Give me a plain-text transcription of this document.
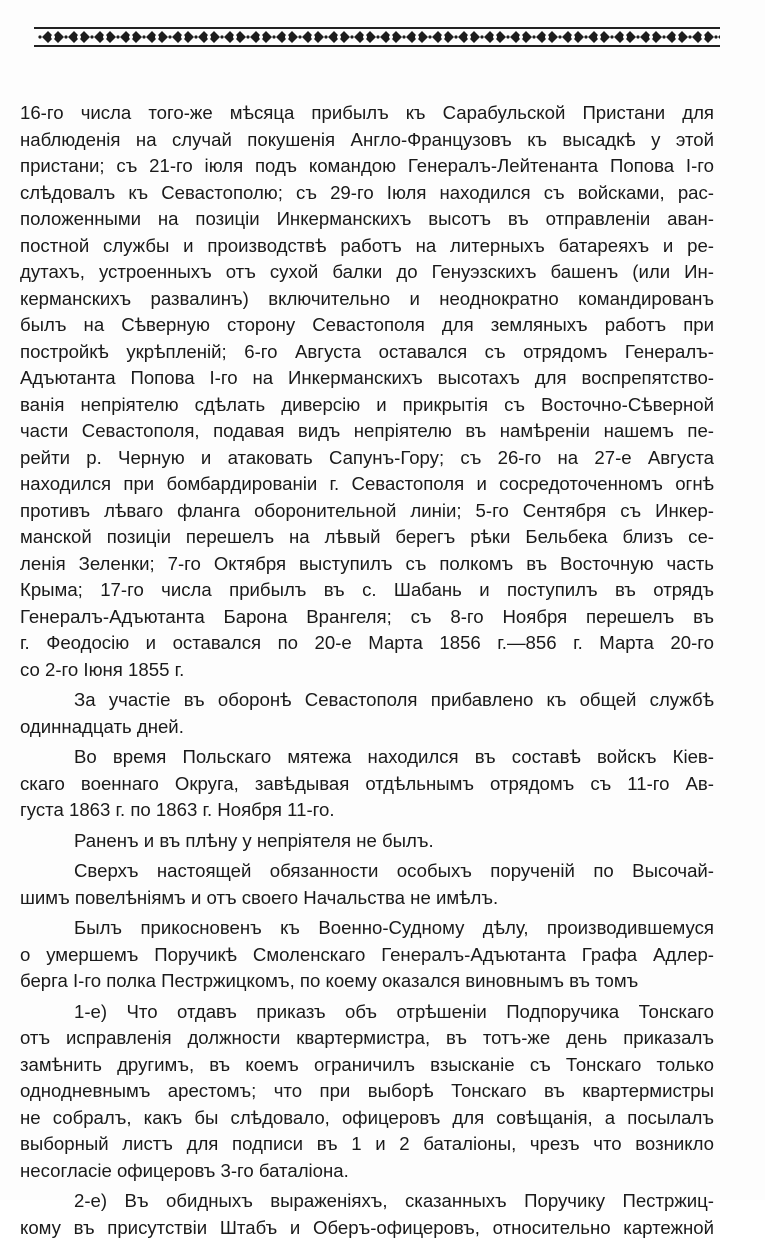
16-го числа того-же мѣсяца прибылъ къ Сарабульской Пристани для
наблюденія на случай покушенія Англо-Французовъ къ высадкѣ у этой
пристани; съ 21-го іюля подъ командою Генералъ-Лейтенанта Попова I-го
слѣдовалъ къ Севастополю; съ 29-го Іюля находился съ войсками, рас-
положенными на позиціи Инкерманскихъ высотъ въ отправленіи аван-
постной службы и производствѣ работъ на литерныхъ батареяхъ и ре-
дутахъ, устроенныхъ отъ сухой балки до Генуэзскихъ башенъ (или Ин-
керманскихъ развалинъ) включительно и неоднократно командированъ
былъ на Сѣверную сторону Севастополя для земляныхъ работъ при
постройкѣ укрѣпленій; 6-го Августа оставался съ отрядомъ Генералъ-
Адъютанта Попова I-го на Инкерманскихъ высотахъ для воспрепятство-
ванія непріятелю сдѣлать диверсію и прикрытія съ Восточно-Сѣверной
части Севастополя, подавая видъ непріятелю въ намѣреніи нашемъ пе-
рейти р. Черную и атаковать Сапунъ-Гору; съ 26-го на 27-е Августа
находился при бомбардированіи г. Севастополя и сосредоточенномъ огнѣ
противъ лѣваго фланга оборонительной линіи; 5-го Сентября съ Инкер-
манской позиціи перешелъ на лѣвый берегъ рѣки Бельбека близъ се-
ленія Зеленки; 7-го Октября выступилъ съ полкомъ въ Восточную часть
Крыма; 17-го числа прибылъ въ с. Шабань и поступилъ въ отрядъ
Генералъ-Адъютанта Барона Врангеля; съ 8-го Ноября перешелъ въ
г. Феодосію и оставался по 20-е Марта 1856 г.—856 г. Марта 20-го
со 2-го Іюня 1855 г.

За участіе въ оборонѣ Севастополя прибавлено къ общей службѣ
одиннадцать дней.

Во время Польскаго мятежа находился въ составѣ войскъ Кіев-
скаго военнаго Округа, завѣдывая отдѣльнымъ отрядомъ съ 11-го Ав-
густа 1863 г. по 1863 г. Ноября 11-го.

Раненъ и въ плѣну у непріятеля не былъ.

Сверхъ настоящей обязанности особыхъ порученій по Высочай-
шимъ повелѣніямъ и отъ своего Начальства не имѣлъ.

Былъ прикосновенъ къ Военно-Судному дѣлу, производившемуся
о умершемъ Поручикѣ Смоленскаго Генералъ-Адъютанта Графа Адлер-
берга I-го полка Пестржицкомъ, по коему оказался виновнымъ въ томъ

1-е) Что отдавъ приказъ объ отрѣшеніи Подпоручика Тонскаго
отъ исправленія должности квартермистра, въ тотъ-же день приказалъ
замѣнить другимъ, въ коемъ ограничилъ взысканіе съ Тонскаго только
однодневнымъ арестомъ; что при выборѣ Тонскаго въ квартермистры
не собралъ, какъ бы слѣдовало, офицеровъ для совѣщанія, а посылалъ
выборный листъ для подписи въ 1 и 2 баталіоны, чрезъ что возникло
несогласіе офицеровъ 3-го баталіона.

2-е) Въ обидныхъ выраженіяхъ, сказанныхъ Поручику Пестржиц-
кому въ присутствіи Штабъ и Оберъ-офицеровъ, относительно картежной
